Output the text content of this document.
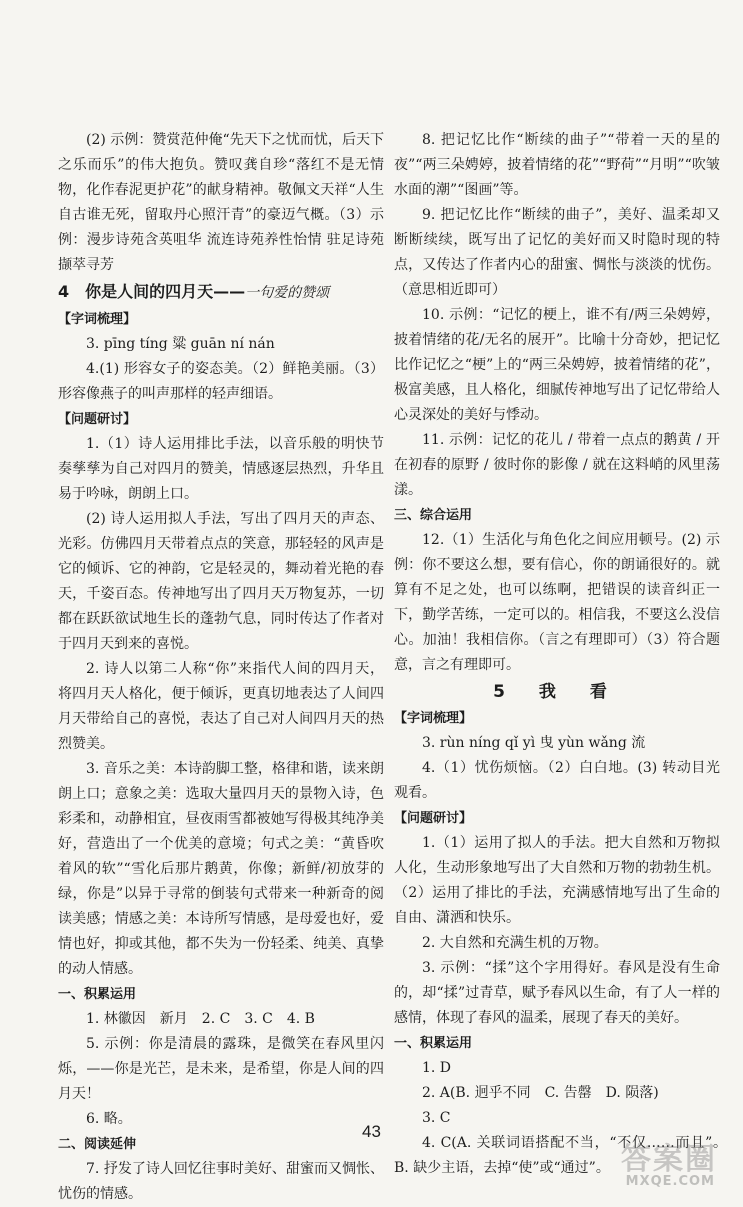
(2) 示例：赞赏范仲俺“先天下之忧而忧，后天下之乐而乐”的伟大抱负。赞叹龚自珍“落红不是无情物，化作春泥更护花”的献身精神。敬佩文天祥“人生自古谁无死，留取丹心照汗青”的豪迈气概。（3）示例：漫步诗苑含英咀华 流连诗苑养性怡情 驻足诗苑撷萃寻芳

4　你是人间的四月天——一句爱的赞颂

【字词梳理】

3. pīng tíng 粱 guān ní nán

4.(1) 形容女子的姿态美。（2）鲜艳美丽。（3）形容像燕子的叫声那样的轻声细语。

【问题研讨】

1.（1）诗人运用排比手法，以音乐般的明快节奏孳孳为自己对四月的赞美，情感逐层热烈，升华且易于吟咏，朗朗上口。

(2) 诗人运用拟人手法，写出了四月天的声态、光彩。仿佛四月天带着点点的笑意，那轻轻的风声是它的倾诉、它的神韵，它是轻灵的，舞动着光艳的春天，千姿百态。传神地写出了四月天万物复苏，一切都在跃跃欲试地生长的蓬勃气息，同时传达了作者对于四月天到来的喜悦。

2. 诗人以第二人称“你”来指代人间的四月天，将四月天人格化，便于倾诉，更真切地表达了人间四月天带给自己的喜悦，表达了自己对人间四月天的热烈赞美。

3. 音乐之美：本诗韵脚工整，格律和谐，读来朗朗上口；意象之美：选取大量四月天的景物入诗，色彩柔和，动静相宜，昼夜雨雪都被她写得极其纯净美好，营造出了一个优美的意境；句式之美：“黄昏吹着风的软”“雪化后那片鹅黄，你像；新鲜/初放芽的绿，你是”以异于寻常的倒装句式带来一种新奇的阅读美感；情感之美：本诗所写情感，是母爱也好，爱情也好，抑或其他，都不失为一份轻柔、纯美、真挚的动人情感。

一、积累运用

1. 林徽因　新月　2. C　3. C　4. B

5. 示例：你是清晨的露珠，是微笑在春风里闪烁，——你是光芒，是未来，是希望，你是人间的四月天！

6. 略。

二、阅读延伸

7. 抒发了诗人回忆往事时美好、甜蜜而又惆怅、忧伤的情感。

8. 把记忆比作“断续的曲子”“带着一天的星的夜”“两三朵娉婷，披着情绪的花”“野荷”“月明”“吹皱水面的潮”“图画”等。

9. 把记忆比作“断续的曲子”，美好、温柔却又断断续续，既写出了记忆的美好而又时隐时现的特点，又传达了作者内心的甜蜜、惆怅与淡淡的忧伤。（意思相近即可）

10. 示例：“记忆的梗上，谁不有/两三朵娉婷，披着情绪的花/无名的展开”。比喻十分奇妙，把记忆比作记忆之“梗”上的“两三朵娉婷，披着情绪的花”，极富美感，且人格化，细腻传神地写出了记忆带给人心灵深处的美好与悸动。

11. 示例：记忆的花儿 / 带着一点点的鹅黄 / 开在初春的原野 / 彼时你的影像 / 就在这料峭的风里荡漾。

三、综合运用

12.（1）生活化与角色化之间应用顿号。(2) 示例：你不要这么想，要有信心，你的朗诵很好的。就算有不足之处，也可以练啊，把错误的读音纠正一下，勤学苦练，一定可以的。相信我，不要这么没信心。加油！我相信你。（言之有理即可）（3）符合题意，言之有理即可。

5 我 看

【字词梳理】

3. rùn níng qǐ yì 曳 yùn wǎng 流

4.（1）忧伤烦恼。（2）白白地。(3) 转动目光观看。

【问题研讨】

1.（1）运用了拟人的手法。把大自然和万物拟人化，生动形象地写出了大自然和万物的勃勃生机。（2）运用了排比的手法，充满感情地写出了生命的自由、潇洒和快乐。

2. 大自然和充满生机的万物。

3. 示例：“揉”这个字用得好。春风是没有生命的，却“揉”过青草，赋予春风以生命，有了人一样的感情，体现了春风的温柔，展现了春天的美好。

一、积累运用

1. D

2. A(B. 迥乎不同　C. 告罄　D. 陨落)

3. C

4. C(A. 关联词语搭配不当，“不仅……而且”。　B. 缺少主语，去掉“使”或“通过”。

43
答案圈
MXQE.COM
